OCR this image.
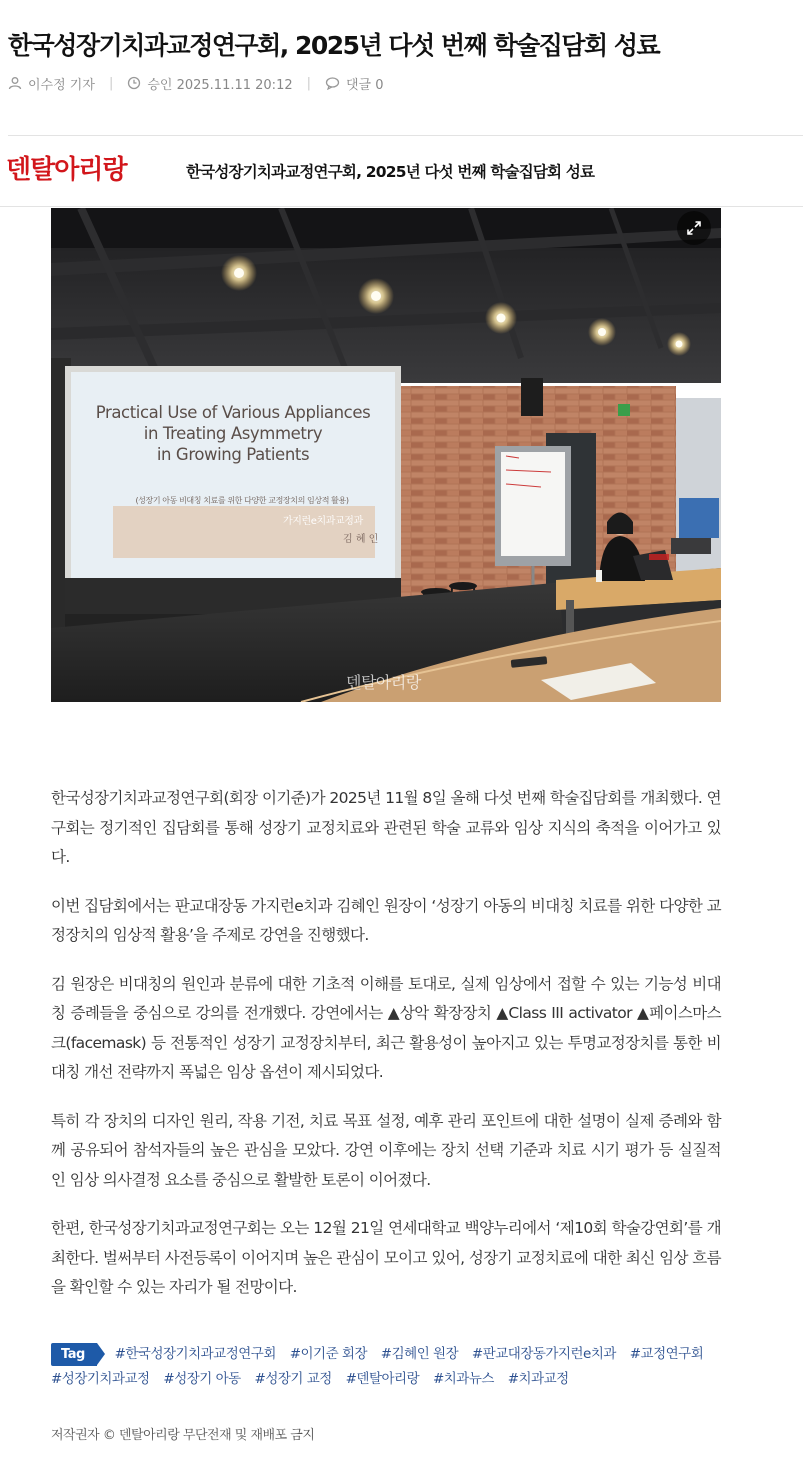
한국성장기치과교정연구회, 2025년 다섯 번째 학술집담회 성료
이수정 기자 |	승인 2025.11.11 20:12 |	댓글 0
덴탈아리랑	한국성장기치과교정연구회, 2025년 다섯 번째 학술집담회 성료
Practical Use of Various Appliances
in Treating Asymmetry
in Growing Patients
(성장기 아동 비대칭 치료를 위한 다양한 교정장치의 임상적 활용)
가지런e치과교정과
김 혜 인
덴탈아리랑

한국성장기치과교정연구회(회장 이기준)가 2025년 11월 8일 올해 다섯 번째 학술집담회를 개최했다. 연구회는 정기적인 집담회를 통해 성장기 교정치료와 관련된 학술 교류와 임상 지식의 축적을 이어가고 있다.

이번 집담회에서는 판교대장동 가지런e치과 김혜인 원장이 ‘성장기 아동의 비대칭 치료를 위한 다양한 교정장치의 임상적 활용’을 주제로 강연을 진행했다.

김 원장은 비대칭의 원인과 분류에 대한 기초적 이해를 토대로, 실제 임상에서 접할 수 있는 기능성 비대칭 증례들을 중심으로 강의를 전개했다. 강연에서는 ▲상악 확장장치 ▲Class III activator ▲페이스마스크(facemask) 등 전통적인 성장기 교정장치부터, 최근 활용성이 높아지고 있는 투명교정장치를 통한 비대칭 개선 전략까지 폭넓은 임상 옵션이 제시되었다.

특히 각 장치의 디자인 원리, 작용 기전, 치료 목표 설정, 예후 관리 포인트에 대한 설명이 실제 증례와 함께 공유되어 참석자들의 높은 관심을 모았다. 강연 이후에는 장치 선택 기준과 치료 시기 평가 등 실질적인 임상 의사결정 요소를 중심으로 활발한 토론이 이어졌다.

한편, 한국성장기치과교정연구회는 오는 12월 21일 연세대학교 백양누리에서 ‘제10회 학술강연회’를 개최한다. 벌써부터 사전등록이 이어지며 높은 관심이 모이고 있어, 성장기 교정치료에 대한 최신 임상 흐름을 확인할 수 있는 자리가 될 전망이다.

Tag #한국성장기치과교정연구회 #이기준 회장 #김혜인 원장 #판교대장동가지런e치과 #교정연구회 #성장기치과교정 #성장기 아동 #성장기 교정 #덴탈아리랑 #치과뉴스 #치과교정
저작권자 © 덴탈아리랑 무단전재 및 재배포 금지
